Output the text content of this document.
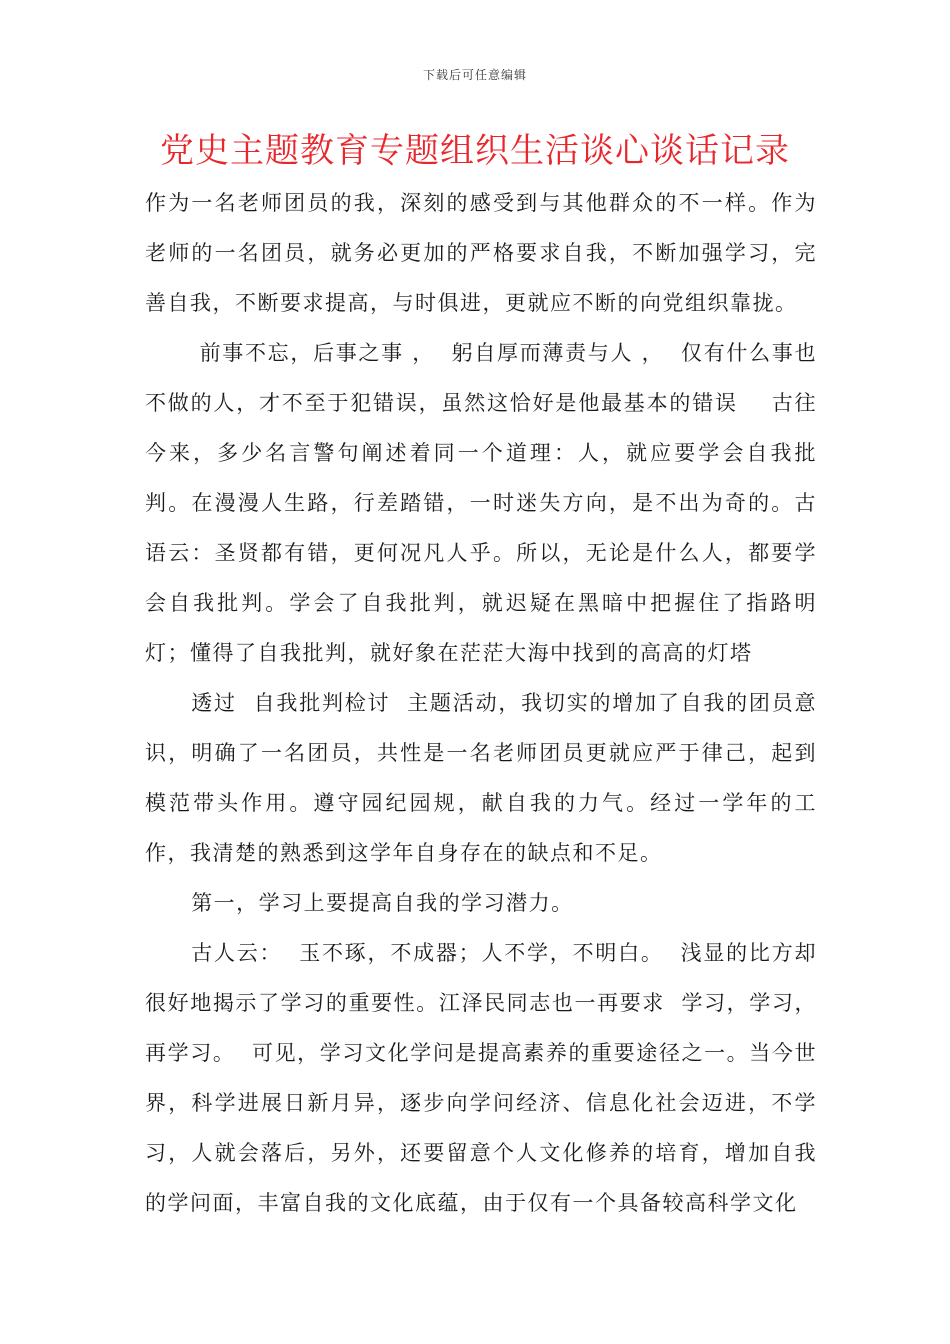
下载后可任意编辑
党史主题教育专题组织生活谈心谈话记录

作为一名老师团员的我，深刻的感受到与其他群众的不一样。作为老师的一名团员，就务必更加的严格要求自我，不断加强学习，完善自我，不断要求提高，与时俱进，更就应不断的向党组织靠拢。

前事不忘，后事之事 ，  躬自厚而薄责与人 ，  仅有什么事也不做的人，才不至于犯错误，虽然这恰好是他最基本的错误    古往今来，多少名言警句阐述着同一个道理：人，就应要学会自我批判。在漫漫人生路，行差踏错，一时迷失方向，是不出为奇的。古语云：圣贤都有错，更何况凡人乎。所以，无论是什么人，都要学会自我批判。学会了自我批判，就迟疑在黑暗中把握住了指路明灯；懂得了自我批判，就好象在茫茫大海中找到的高高的灯塔

透过  自我批判检讨  主题活动，我切实的增加了自我的团员意识，明确了一名团员，共性是一名老师团员更就应严于律己，起到模范带头作用。遵守园纪园规，献自我的力气。经过一学年的工作，我清楚的熟悉到这学年自身存在的缺点和不足。

第一，学习上要提高自我的学习潜力。

古人云：  玉不琢，不成器；人不学，不明白。  浅显的比方却很好地揭示了学习的重要性。江泽民同志也一再要求  学习，学习，再学习。  可见，学习文化学问是提高素养的重要途径之一。当今世界，科学进展日新月异，逐步向学问经济、信息化社会迈进，不学习，人就会落后，另外，还要留意个人文化修养的培育，增加自我的学问面，丰富自我的文化底蕴，由于仅有一个具备较高科学文化
